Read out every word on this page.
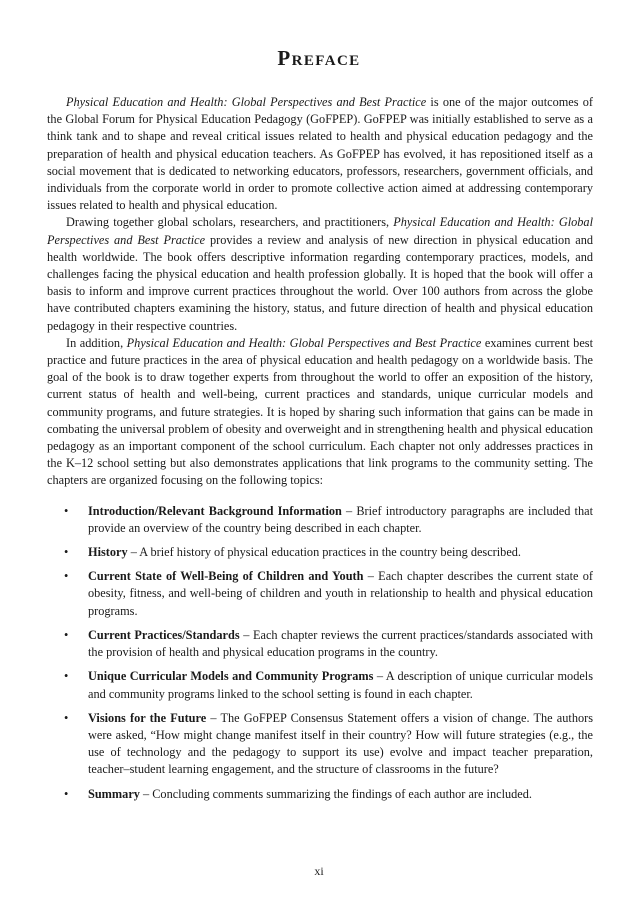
Preface

Physical Education and Health: Global Perspectives and Best Practice is one of the major outcomes of the Global Forum for Physical Education Pedagogy (GoFPEP). GoFPEP was initially established to serve as a think tank and to shape and reveal critical issues related to health and physical education pedagogy and the preparation of health and physical education teachers. As GoFPEP has evolved, it has repositioned itself as a social movement that is dedicated to networking educators, professors, researchers, government officials, and individuals from the corporate world in order to promote collective action aimed at addressing contemporary issues related to health and physical education.

Drawing together global scholars, researchers, and practitioners, Physical Education and Health: Global Perspectives and Best Practice provides a review and analysis of new direction in physical education and health worldwide. The book offers descriptive information regarding contemporary practices, models, and challenges facing the physical education and health profession globally. It is hoped that the book will offer a basis to inform and improve current practices throughout the world. Over 100 authors from across the globe have contributed chapters examining the history, status, and future direction of health and physical education pedagogy in their respective countries.

In addition, Physical Education and Health: Global Perspectives and Best Practice examines current best practice and future practices in the area of physical education and health pedagogy on a worldwide basis. The goal of the book is to draw together experts from throughout the world to offer an exposition of the history, current status of health and well-being, current practices and standards, unique curricular models and community programs, and future strategies. It is hoped by sharing such information that gains can be made in combating the universal problem of obesity and overweight and in strengthening health and physical education pedagogy as an important component of the school curriculum. Each chapter not only addresses practices in the K–12 school setting but also demonstrates applications that link programs to the community setting. The chapters are organized focusing on the following topics:

• Introduction/Relevant Background Information – Brief introductory paragraphs are included that provide an overview of the country being described in each chapter.
• History – A brief history of physical education practices in the country being described.
• Current State of Well-Being of Children and Youth – Each chapter describes the current state of obesity, fitness, and well-being of children and youth in relationship to health and physical education programs.
• Current Practices/Standards – Each chapter reviews the current practices/standards associated with the provision of health and physical education programs in the country.
• Unique Curricular Models and Community Programs – A description of unique curricular models and community programs linked to the school setting is found in each chapter.
• Visions for the Future – The GoFPEP Consensus Statement offers a vision of change. The authors were asked, “How might change manifest itself in their country? How will future strategies (e.g., the use of technology and the pedagogy to support its use) evolve and impact teacher preparation, teacher–student learning engagement, and the structure of classrooms in the future?
• Summary – Concluding comments summarizing the findings of each author are included.
xi
